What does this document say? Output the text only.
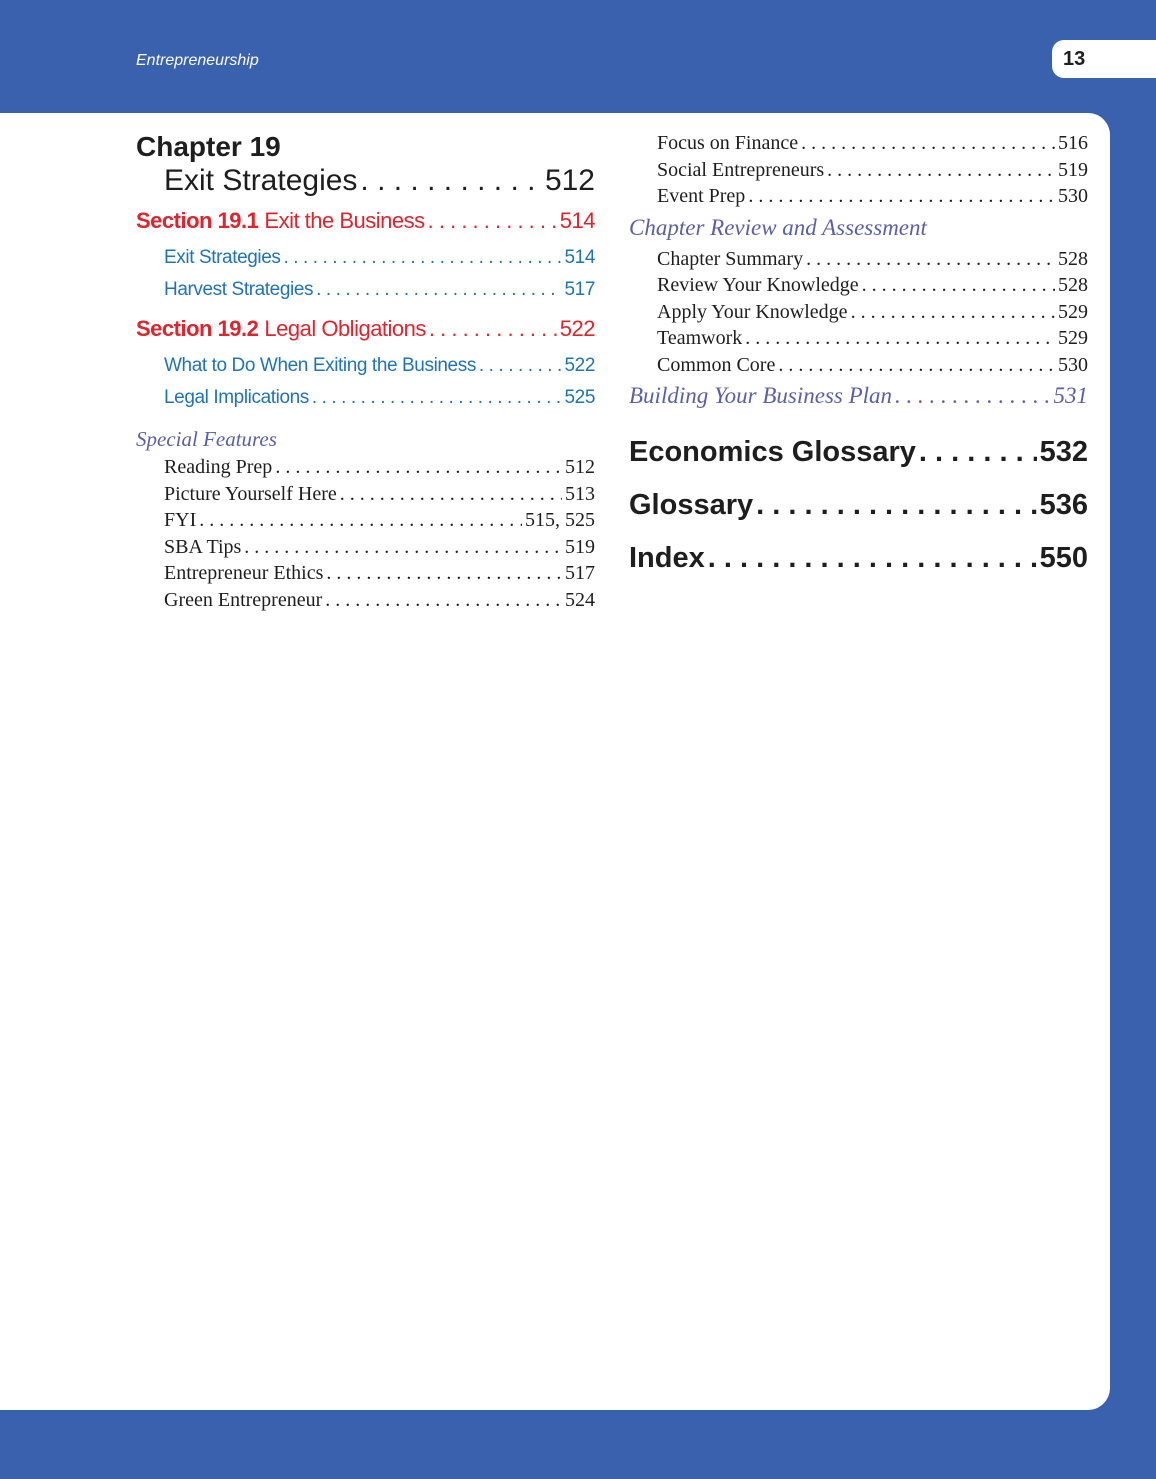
Entrepreneurship	13
Chapter 19
Exit Strategies . . .	512
Section 19.1 Exit the Business . . .	514
Exit Strategies . . .	514
Harvest Strategies . . .	517
Section 19.2 Legal Obligations . . .	522
What to Do When Exiting the Business . . .	522
Legal Implications . . .	525
Special Features
Reading Prep . . .	512
Picture Yourself Here . . .	513
FYI . . .	515, 525
SBA Tips . . .	519
Entrepreneur Ethics . . .	517
Green Entrepreneur . . .	524
Focus on Finance . . .	516
Social Entrepreneurs . . .	519
Event Prep . . .	530
Chapter Review and Assessment
Chapter Summary . . .	528
Review Your Knowledge . . .	528
Apply Your Knowledge . . .	529
Teamwork . . .	529
Common Core . . .	530
Building Your Business Plan . . .	531
Economics Glossary . . .	532
Glossary . . .	536
Index . . .	550
